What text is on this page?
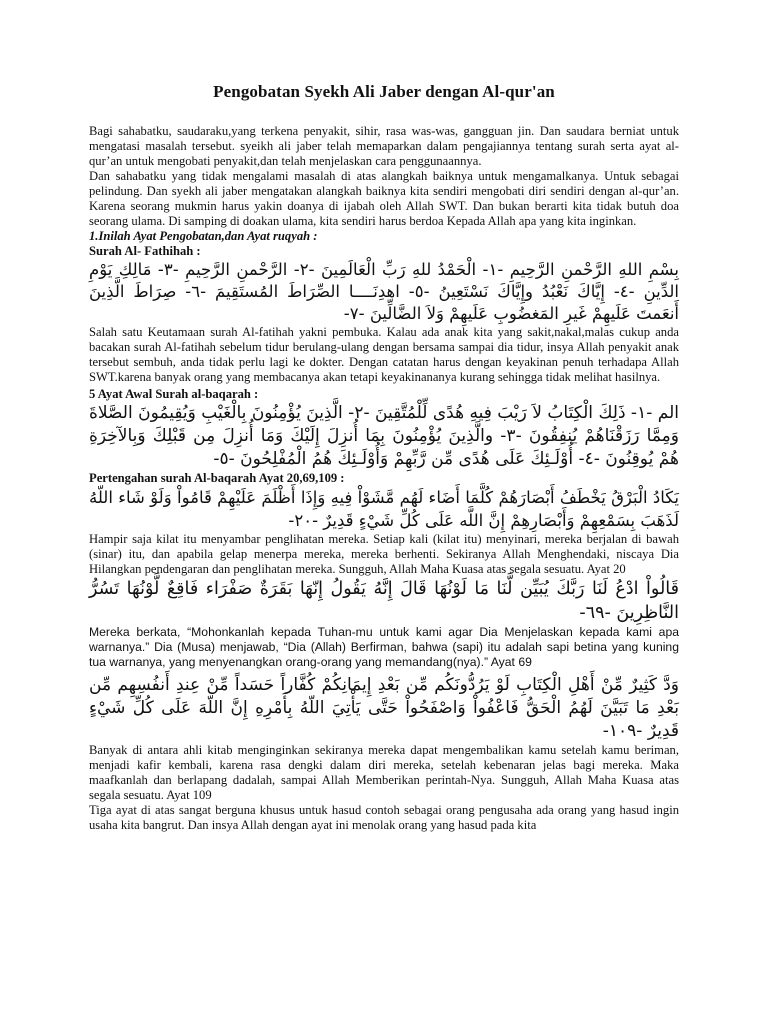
Pengobatan Syekh Ali Jaber dengan Al-qur'an

Bagi sahabatku, saudaraku,yang terkena penyakit, sihir, rasa was-was, gangguan jin. Dan saudara berniat untuk mengatasi masalah tersebut. syeikh ali jaber telah memaparkan dalam pengajiannya tentang surah serta ayat al-qur’an untuk mengobati penyakit,dan telah menjelaskan cara penggunaannya.

Dan sahabatku yang tidak mengalami masalah di atas alangkah baiknya untuk mengamalkanya. Untuk sebagai pelindung. Dan syekh ali jaber mengatakan alangkah baiknya kita sendiri mengobati diri sendiri dengan al-qur’an. Karena seorang mukmin harus yakin doanya di ijabah oleh Allah SWT. Dan bukan berarti kita tidak butuh doa seorang ulama. Di samping di doakan ulama, kita sendiri harus berdoa Kepada Allah apa yang kita inginkan.

1.Inilah Ayat Pengobatan,dan Ayat ruqyah :

Surah Al- Fathihah :

بِسْمِ اللهِ الرَّحْمنِ الرَّحِيمِ -١- الْحَمْدُ للهِ رَبِّ الْعَالَمِينَ -٢- الرَّحْمنِ الرَّحِيمِ -٣- مَالِكِ يَوْمِ الدِّينِ -٤- إِيَّاكَ نَعْبُدُ وإِيَّاكَ نَسْتَعِينُ -٥- اهدِنَــــا الصِّرَاطَ المُستَقِيمَ -٦- صِرَاطَ الَّذِينَ أَنعَمتَ عَلَيهِمْ غَيرِ المَغضُوبِ عَلَيهِمْ وَلاَ الضَّالِّينَ -٧-

Salah satu Keutamaan surah Al-fatihah yakni pembuka. Kalau ada anak kita yang sakit,nakal,malas cukup anda bacakan surah Al-fatihah sebelum tidur berulang-ulang dengan bersama sampai dia tidur, insya Allah penyakit anak tersebut sembuh, anda tidak perlu lagi ke dokter. Dengan catatan harus dengan keyakinan penuh terhadapa Allah SWT.karena banyak orang yang membacanya akan tetapi keyakinananya kurang sehingga tidak melihat hasilnya.

5 Ayat Awal Surah al-baqarah :

الم -١- ذَلِكَ الْكِتَابُ لاَ رَيْبَ فِيهِ هُدًى لِّلْمُتَّقِينَ -٢- الَّذِينَ يُؤْمِنُونَ بِالْغَيْبِ وَيُقِيمُونَ الصَّلاةَ وَمِمَّا رَزَقْنَاهُمْ يُنفِقُونَ -٣- والَّذِينَ يُؤْمِنُونَ بِمَا أُنزِلَ إِلَيْكَ وَمَا أُنزِلَ مِن قَبْلِكَ وَبِالآخِرَةِ هُمْ يُوقِنُونَ -٤- أُوْلَـئِكَ عَلَى هُدًى مِّن رَّبِّهِمْ وَأُوْلَـئِكَ هُمُ الْمُفْلِحُونَ -٥-

Pertengahan surah Al-baqarah Ayat 20,69,109 :

يَكَادُ الْبَرْقُ يَخْطَفُ أَبْصَارَهُمْ كُلَّمَا أَضَاء لَهُم مَّشَوْاْ فِيهِ وَإِذَا أَظْلَمَ عَلَيْهِمْ قَامُواْ وَلَوْ شَاء اللّهُ لَذَهَبَ بِسَمْعِهِمْ وَأَبْصَارِهِمْ إِنَّ اللَّه عَلَى كُلِّ شَيْءٍ قَدِيرٌ -٢٠-

Hampir saja kilat itu menyambar penglihatan mereka. Setiap kali (kilat itu) menyinari, mereka berjalan di bawah (sinar) itu, dan apabila gelap menerpa mereka, mereka berhenti. Sekiranya Allah Menghendaki, niscaya Dia Hilangkan pendengaran dan penglihatan mereka. Sungguh, Allah Maha Kuasa atas segala sesuatu. Ayat 20

قَالُواْ ادْعُ لَنَا رَبَّكَ يُبَيِّن لَّنَا مَا لَوْنُهَا قَالَ إِنَّهُ يَقُولُ إِنّهَا بَقَرَةٌ صَفْرَاء فَاقِعٌ لَّوْنُهَا تَسُرُّ النَّاظِرِينَ -٦٩-

Mereka berkata, “Mohonkanlah kepada Tuhan-mu untuk kami agar Dia Menjelaskan kepada kami apa warnanya.” Dia (Musa) menjawab, “Dia (Allah) Berfirman, bahwa (sapi) itu adalah sapi betina yang kuning tua warnanya, yang menyenangkan orang-orang yang memandang(nya).” Ayat 69

وَدَّ كَثِيرٌ مِّنْ أَهْلِ الْكِتَابِ لَوْ يَرُدُّونَكُم مِّن بَعْدِ إِيمَانِكُمْ كُفَّاراً حَسَداً مِّنْ عِندِ أَنفُسِهِم مِّن بَعْدِ مَا تَبَيَّنَ لَهُمُ الْحَقُّ فَاعْفُواْ وَاصْفَحُواْ حَتَّى يَأْتِيَ اللّهُ بِأَمْرِهِ إِنَّ اللّهَ عَلَى كُلِّ شَيْءٍ قَدِيرٌ -١٠٩-

Banyak di antara ahli kitab menginginkan sekiranya mereka dapat mengembalikan kamu setelah kamu beriman, menjadi kafir kembali, karena rasa dengki dalam diri mereka, setelah kebenaran jelas bagi mereka. Maka maafkanlah dan berlapang dadalah, sampai Allah Memberikan perintah-Nya. Sungguh, Allah Maha Kuasa atas segala sesuatu. Ayat 109

Tiga ayat di atas sangat berguna khusus untuk hasud contoh sebagai orang pengusaha ada orang yang hasud ingin usaha kita bangrut. Dan insya Allah dengan ayat ini menolak orang yang hasud pada kita
